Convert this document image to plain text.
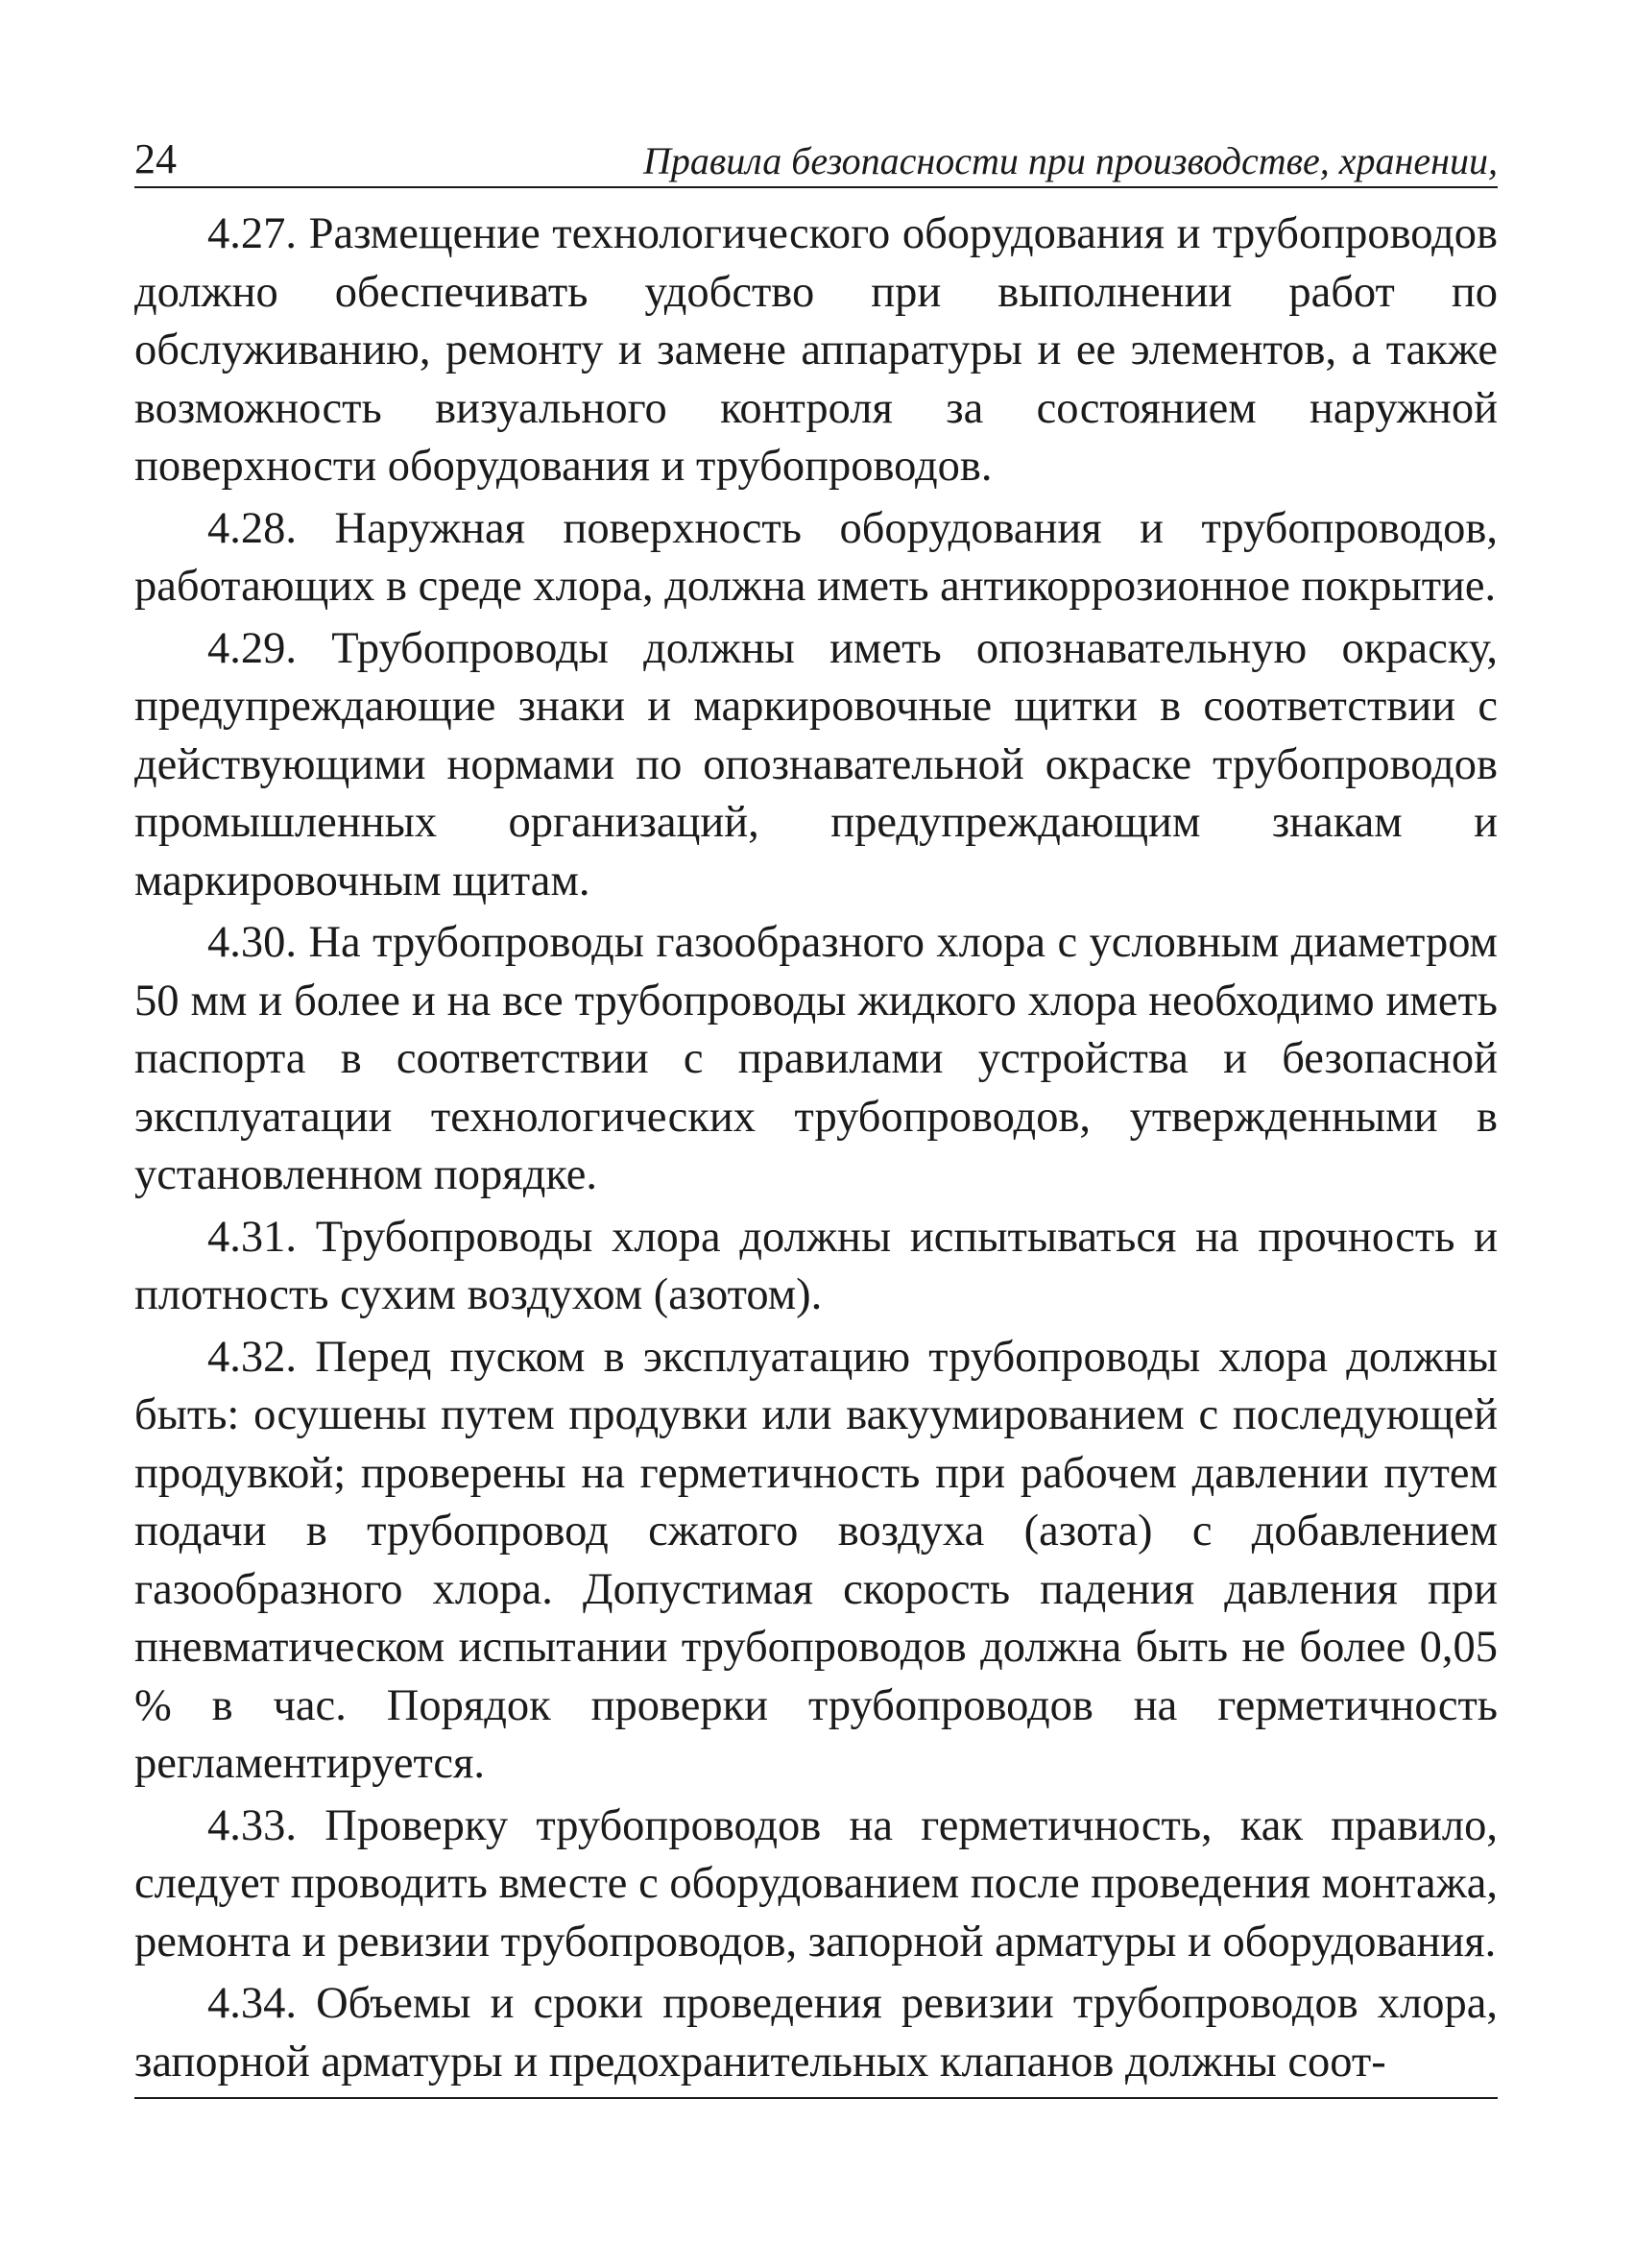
24	Правила безопасности при производстве, хранении,

4.27. Размещение технологического оборудования и трубопроводов должно обеспечивать удобство при выполнении работ по обслуживанию, ремонту и замене аппаратуры и ее элементов, а также возможность визуального контроля за состоянием наружной поверхности оборудования и трубопроводов.

4.28. Наружная поверхность оборудования и трубопроводов, работающих в среде хлора, должна иметь антикоррозионное покрытие.

4.29. Трубопроводы должны иметь опознавательную окраску, предупреждающие знаки и маркировочные щитки в соответствии с действующими нормами по опознавательной окраске трубопроводов промышленных организаций, предупреждающим знакам и маркировочным щитам.

4.30. На трубопроводы газообразного хлора с условным диаметром 50 мм и более и на все трубопроводы жидкого хлора необходимо иметь паспорта в соответствии с правилами устройства и безопасной эксплуатации технологических трубопроводов, утвержденными в установленном порядке.

4.31. Трубопроводы хлора должны испытываться на прочность и плотность сухим воздухом (азотом).

4.32. Перед пуском в эксплуатацию трубопроводы хлора должны быть: осушены путем продувки или вакуумированием с последующей продувкой; проверены на герметичность при рабочем давлении путем подачи в трубопровод сжатого воздуха (азота) с добавлением газообразного хлора. Допустимая скорость падения давления при пневматическом испытании трубопроводов должна быть не более 0,05 % в час. Порядок проверки трубопроводов на герметичность регламентируется.

4.33. Проверку трубопроводов на герметичность, как правило, следует проводить вместе с оборудованием после проведения монтажа, ремонта и ревизии трубопроводов, запорной арматуры и оборудования.

4.34. Объемы и сроки проведения ревизии трубопроводов хлора, запорной арматуры и предохранительных клапанов должны соот-
